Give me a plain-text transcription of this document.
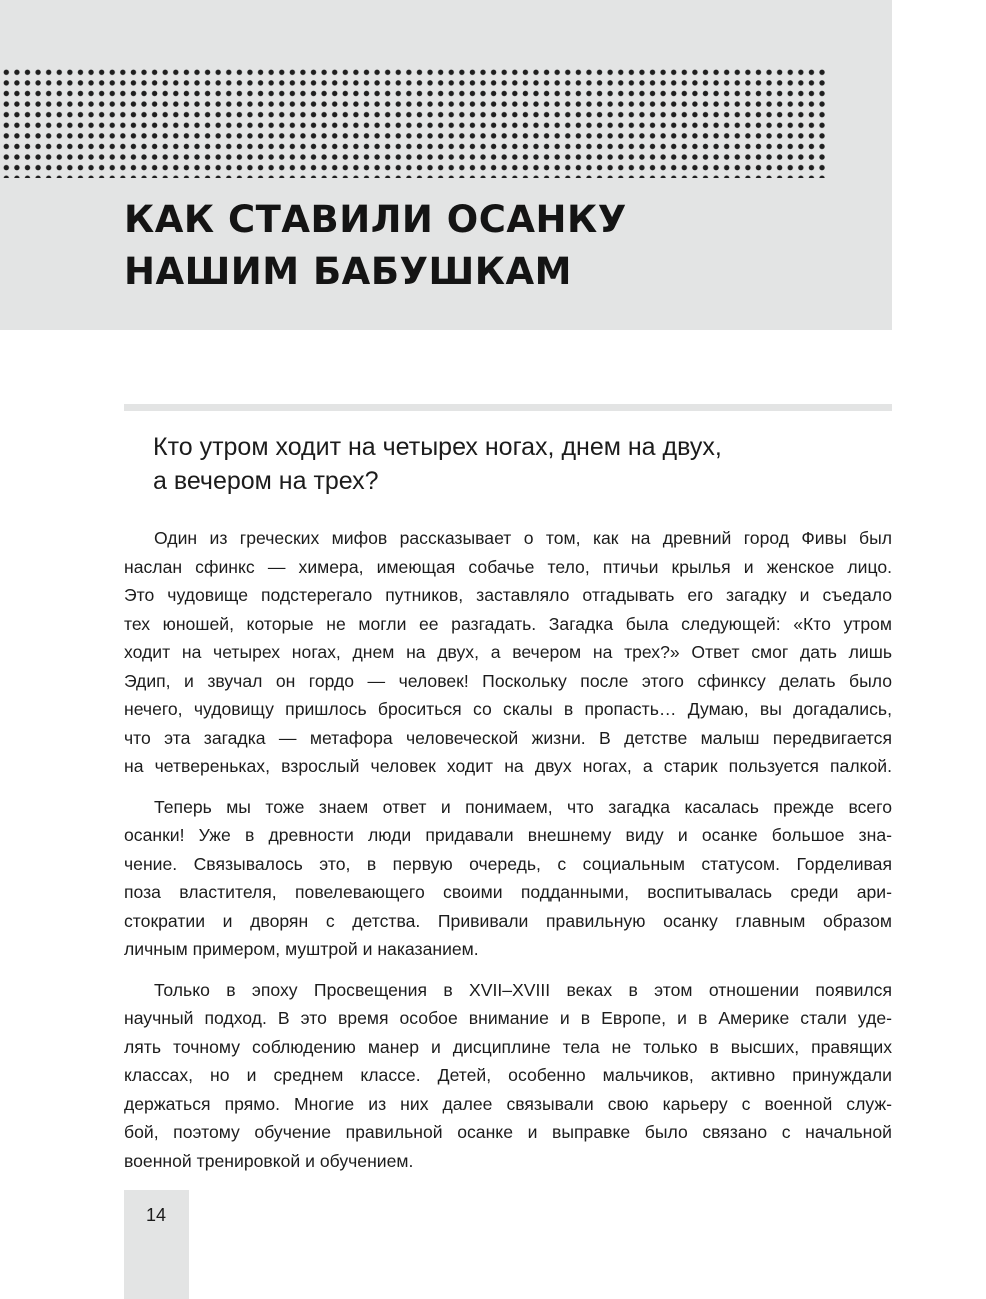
КАК СТАВИЛИ ОСАНКУ
НАШИМ БАБУШКАМ

Кто утром ходит на четырех ногах, днем на двух,
а вечером на трех?

Один из греческих мифов рассказывает о том, как на древний город Фивы был
наслан сфинкс — химера, имеющая собачье тело, птичьи крылья и женское лицо.
Это чудовище подстерегало путников, заставляло отгадывать его загадку и съедало
тех юношей, которые не могли ее разгадать. Загадка была следующей: «Кто утром
ходит на четырех ногах, днем на двух, а вечером на трех?» Ответ смог дать лишь
Эдип, и звучал он гордо — человек! Поскольку после этого сфинксу делать было
нечего, чудовищу пришлось броситься со скалы в пропасть… Думаю, вы догадались,
что эта загадка — метафора человеческой жизни. В детстве малыш передвигается
на четвереньках, взрослый человек ходит на двух ногах, а старик пользуется палкой.
Теперь мы тоже знаем ответ и понимаем, что загадка касалась прежде всего
осанки! Уже в древности люди придавали внешнему виду и осанке большое зна-
чение. Связывалось это, в первую очередь, с социальным статусом. Горделивая
поза властителя, повелевающего своими подданными, воспитывалась среди ари-
стократии и дворян с детства. Прививали правильную осанку главным образом
личным примером, муштрой и наказанием.
Только в эпоху Просвещения в XVII–XVIII веках в этом отношении появился
научный подход. В это время особое внимание и в Европе, и в Америке стали уде-
лять точному соблюдению манер и дисциплине тела не только в высших, правящих
классах, но и среднем классе. Детей, особенно мальчиков, активно принуждали
держаться прямо. Многие из них далее связывали свою карьеру с военной служ-
бой, поэтому обучение правильной осанке и выправке было связано с начальной
военной тренировкой и обучением.
14
